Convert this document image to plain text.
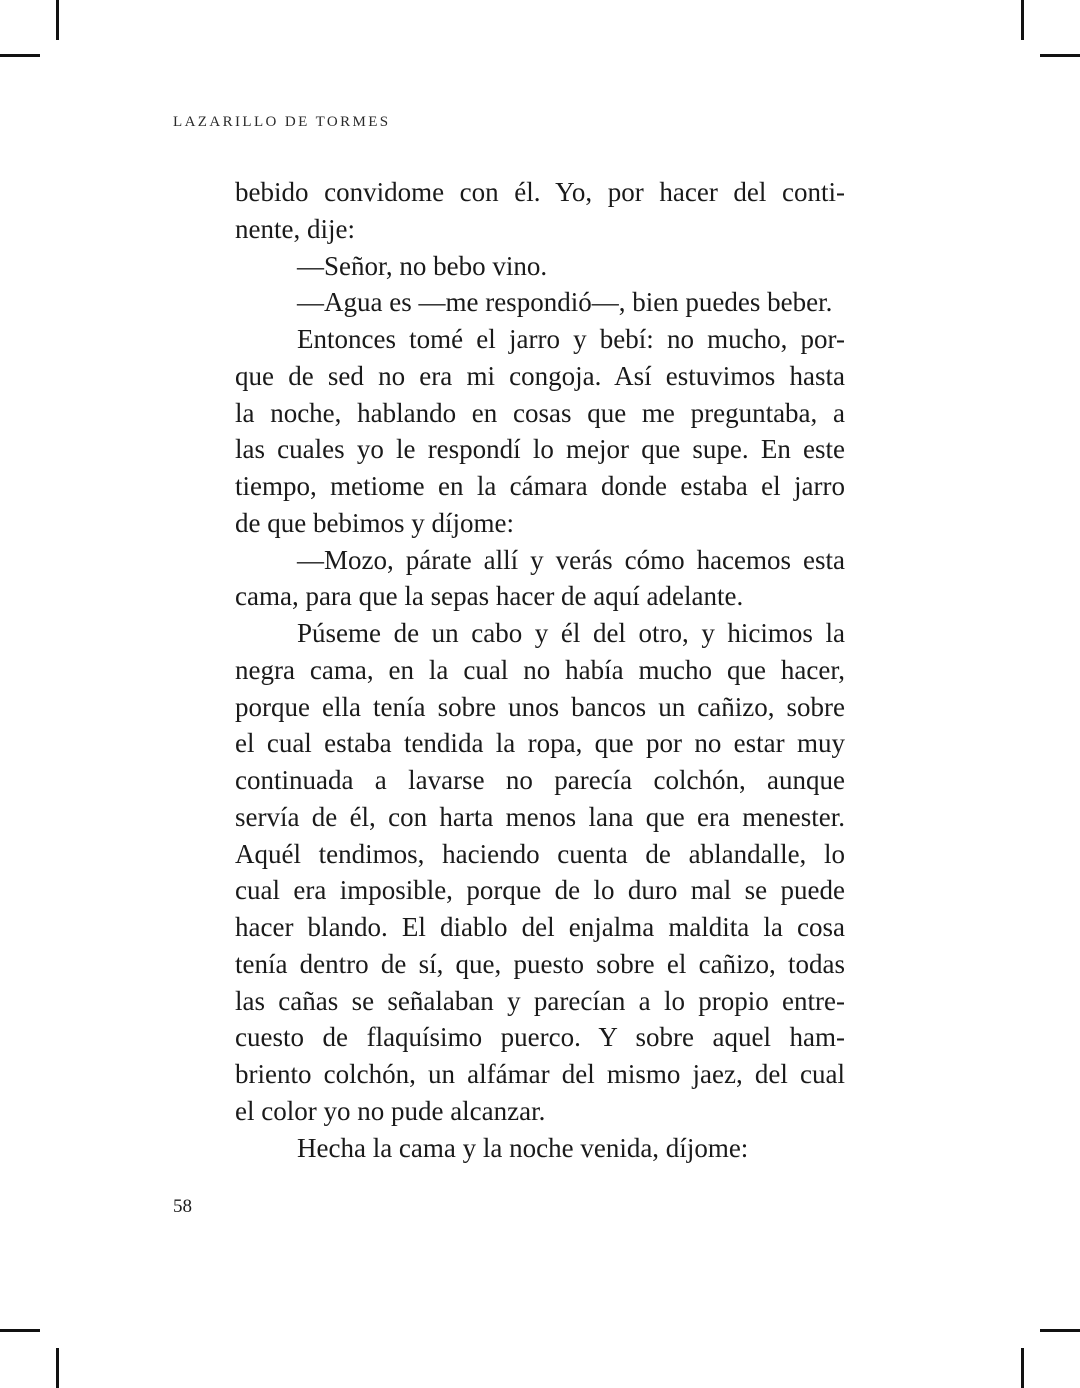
LAZARILLO DE TORMES
bebido convidome con él. Yo, por hacer del conti-
nente, dije:
—Señor, no bebo vino.
—Agua es —me respondió—, bien puedes beber.
Entonces tomé el jarro y bebí: no mucho, por-
que de sed no era mi congoja. Así estuvimos hasta
la noche, hablando en cosas que me preguntaba, a
las cuales yo le respondí lo mejor que supe. En este
tiempo, metiome en la cámara donde estaba el jarro
de que bebimos y díjome:
—Mozo, párate allí y verás cómo hacemos esta
cama, para que la sepas hacer de aquí adelante.
Púseme de un cabo y él del otro, y hicimos la
negra cama, en la cual no había mucho que hacer,
porque ella tenía sobre unos bancos un cañizo, sobre
el cual estaba tendida la ropa, que por no estar muy
continuada a lavarse no parecía colchón, aunque
servía de él, con harta menos lana que era menester.
Aquél tendimos, haciendo cuenta de ablandalle, lo
cual era imposible, porque de lo duro mal se puede
hacer blando. El diablo del enjalma maldita la cosa
tenía dentro de sí, que, puesto sobre el cañizo, todas
las cañas se señalaban y parecían a lo propio entre-
cuesto de flaquísimo puerco. Y sobre aquel ham-
briento colchón, un alfámar del mismo jaez, del cual
el color yo no pude alcanzar.
Hecha la cama y la noche venida, díjome:
58
